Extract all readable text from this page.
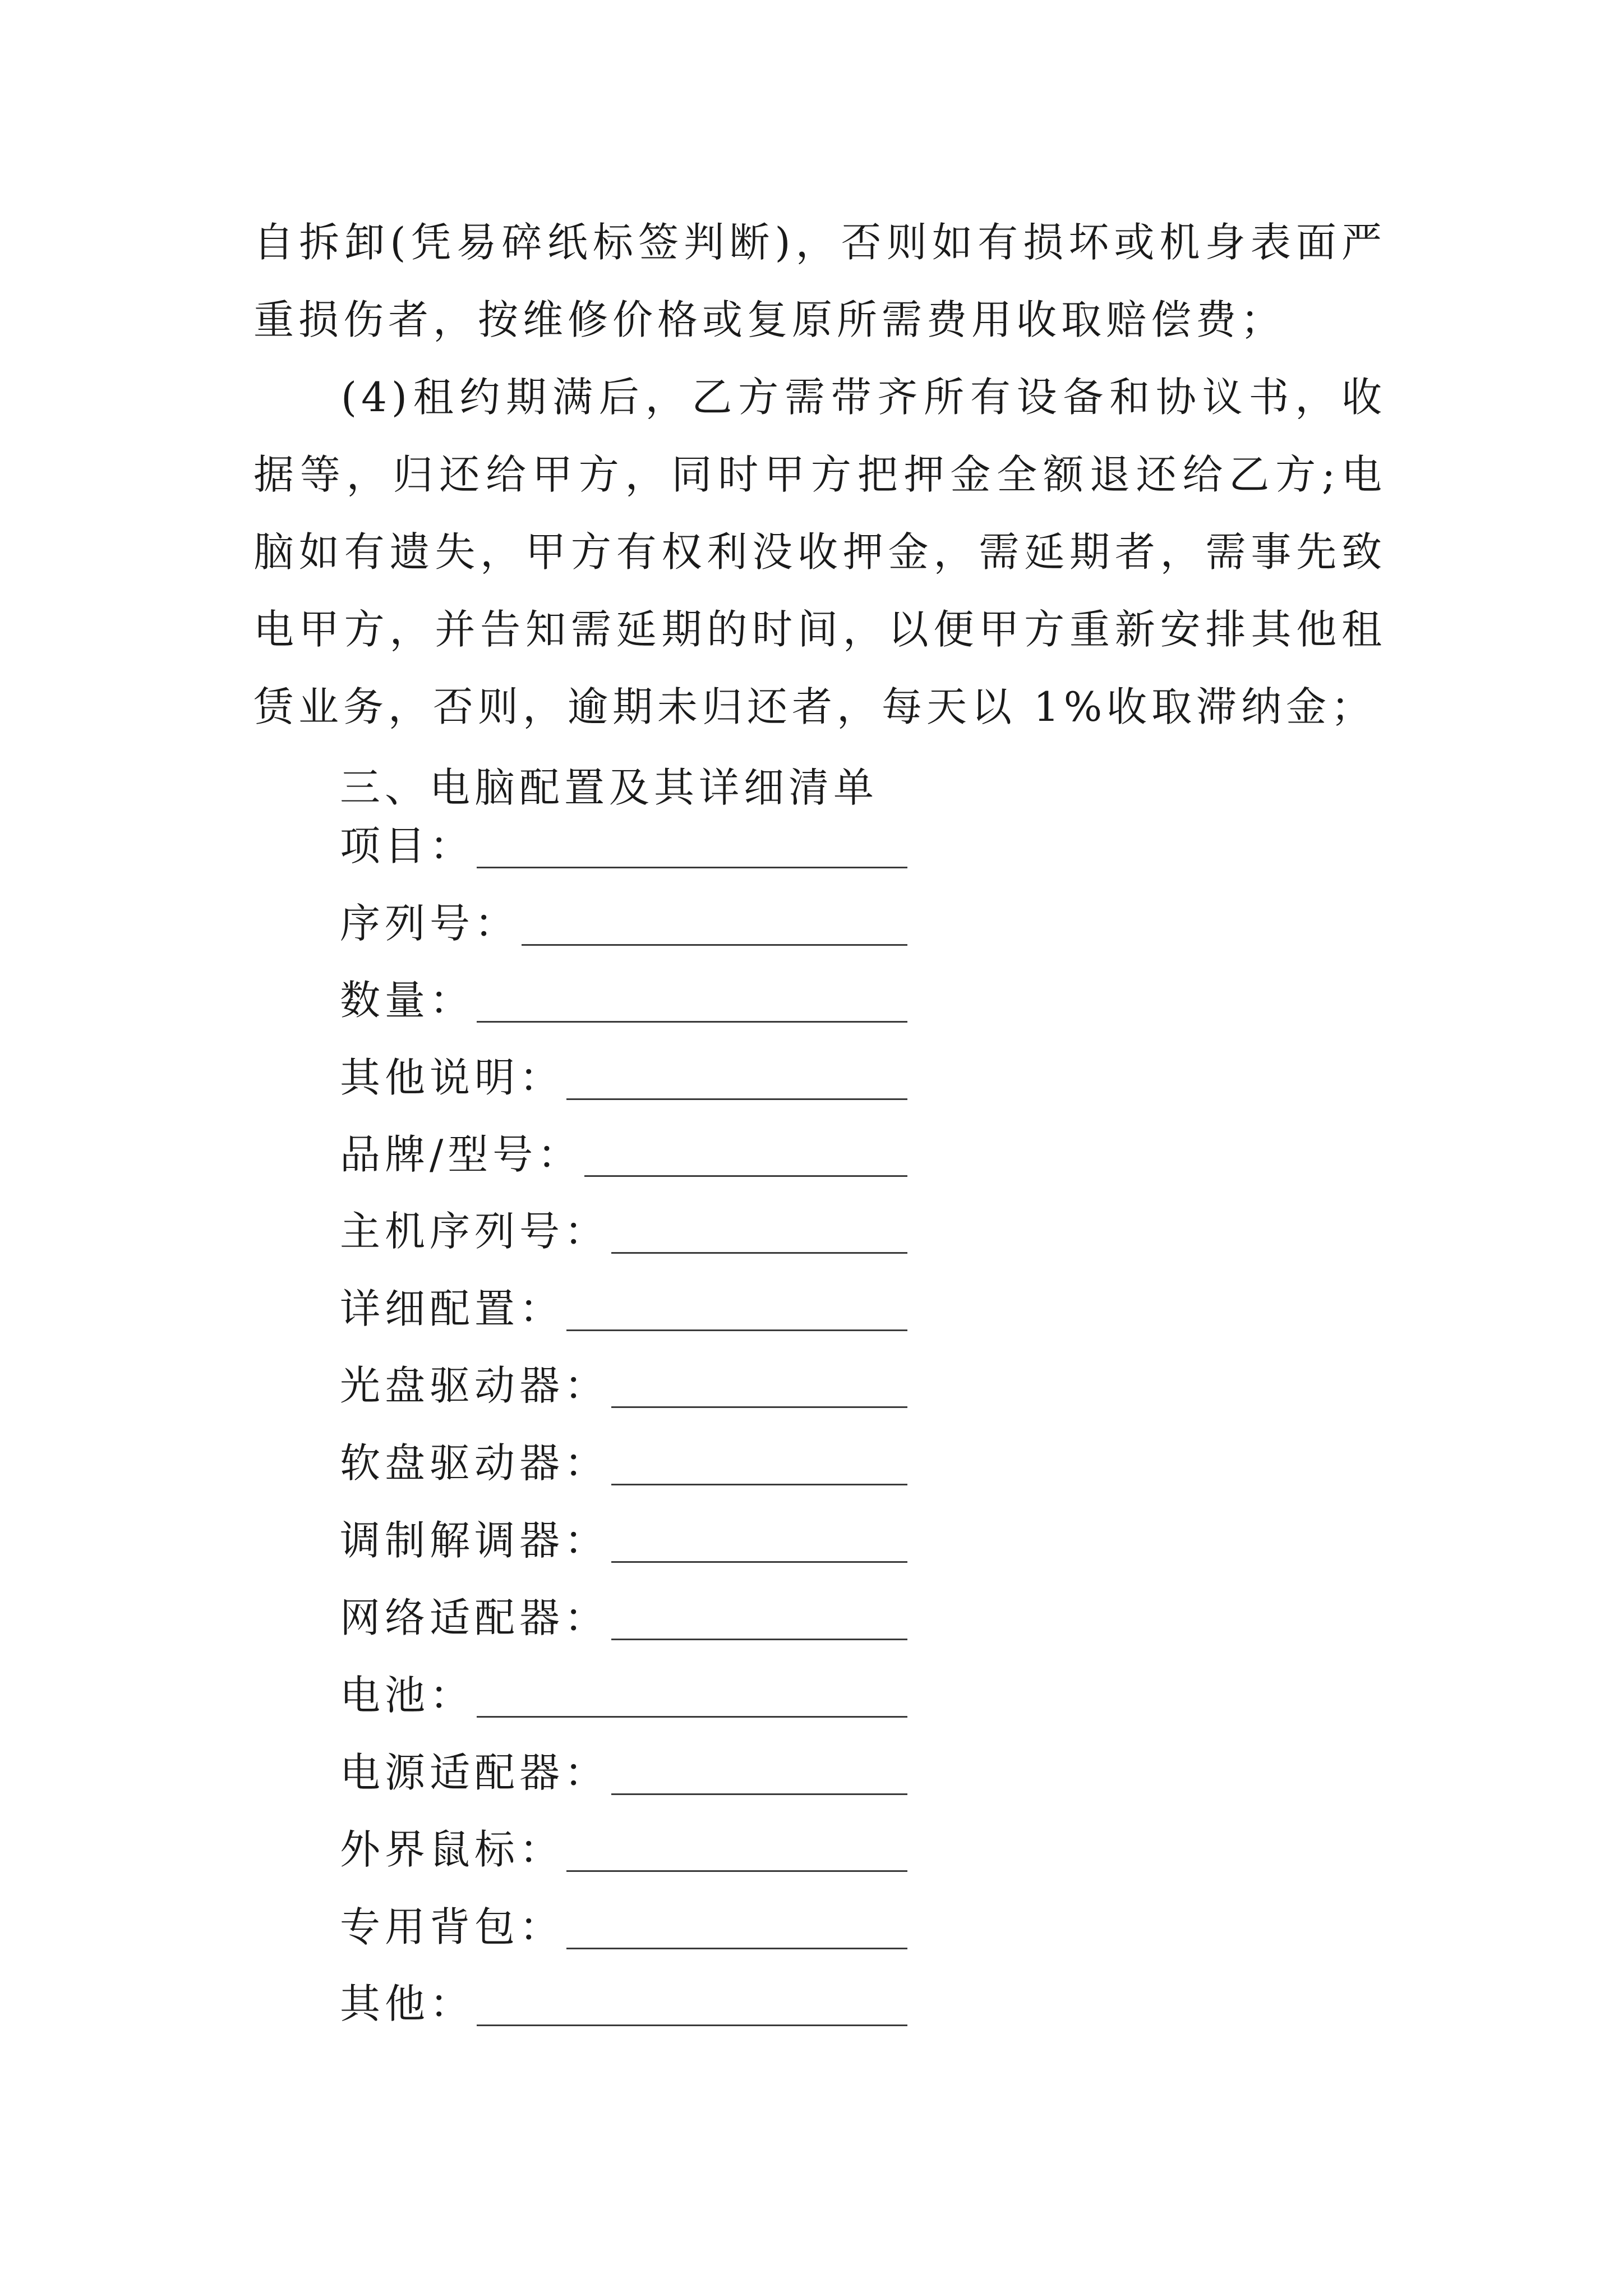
自拆卸(凭易碎纸标签判断)，否则如有损坏或机身表面严重损伤者，按维修价格或复原所需费用收取赔偿费；

(4)租约期满后，乙方需带齐所有设备和协议书，收据等，归还给甲方，同时甲方把押金全额退还给乙方;电脑如有遗失，甲方有权利没收押金，需延期者，需事先致电甲方，并告知需延期的时间，以便甲方重新安排其他租赁业务，否则，逾期未归还者，每天以 1%收取滞纳金；

三、电脑配置及其详细清单
项目：
序列号：
数量：
其他说明：
品牌/型号：
主机序列号：
详细配置：
光盘驱动器：
软盘驱动器：
调制解调器：
网络适配器：
电池：
电源适配器：
外界鼠标：
专用背包：
其他：
